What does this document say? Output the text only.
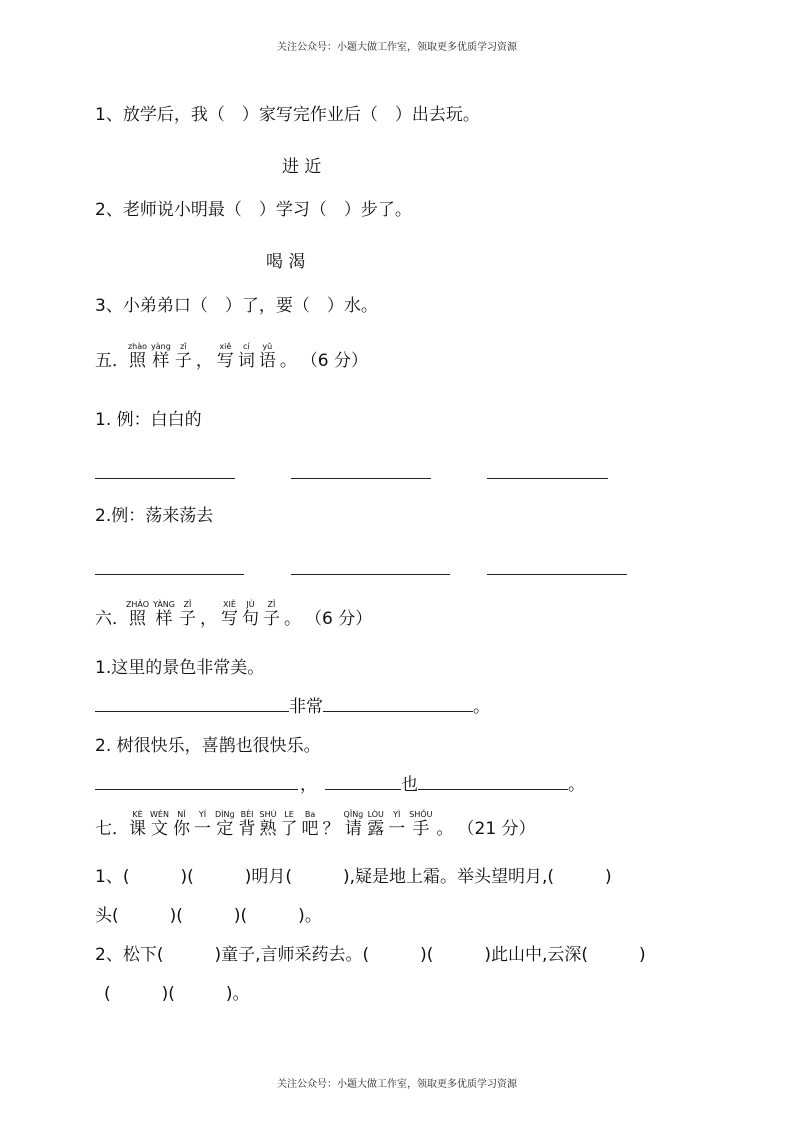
关注公众号：小题大做工作室，领取更多优质学习资源
1、放学后，我（　）家写完作业后（　）出去玩。
进 近
2、老师说小明最（　）学习（　）步了。
喝 渴
3、小弟弟口（　）了，要（　）水。
五．照zhào样yàng子zǐ， 写xiě词cí语yǔ。 （6 分）
1. 例：白白的
2.例：荡来荡去
六．照ZHÀO样YÀNG子ZǏ， 写XIĚ句JÙ子ZǏ。 （6 分）
1.这里的景色非常美。
非常	。
2. 树很快乐，喜鹊也很快乐。
，	也	。
七．课KÈ文WÉN你NǏ一YÍ定DÌNɡ背BÈI熟SHÚ了LE吧Ba？ 请QǏNɡ露LÒU一YÌ手SHǑU。 （21 分）
1、(　　　)(　　　)明月(　　　),疑是地上霜。举头望明月,(　　　)
头(　　　)(　　　)(　　　)。
2、松下(　　　)童子,言师采药去。(　　　)(　　　)此山中,云深(　　　)
(　　　)(　　　)。
关注公众号：小题大做工作室，领取更多优质学习资源
